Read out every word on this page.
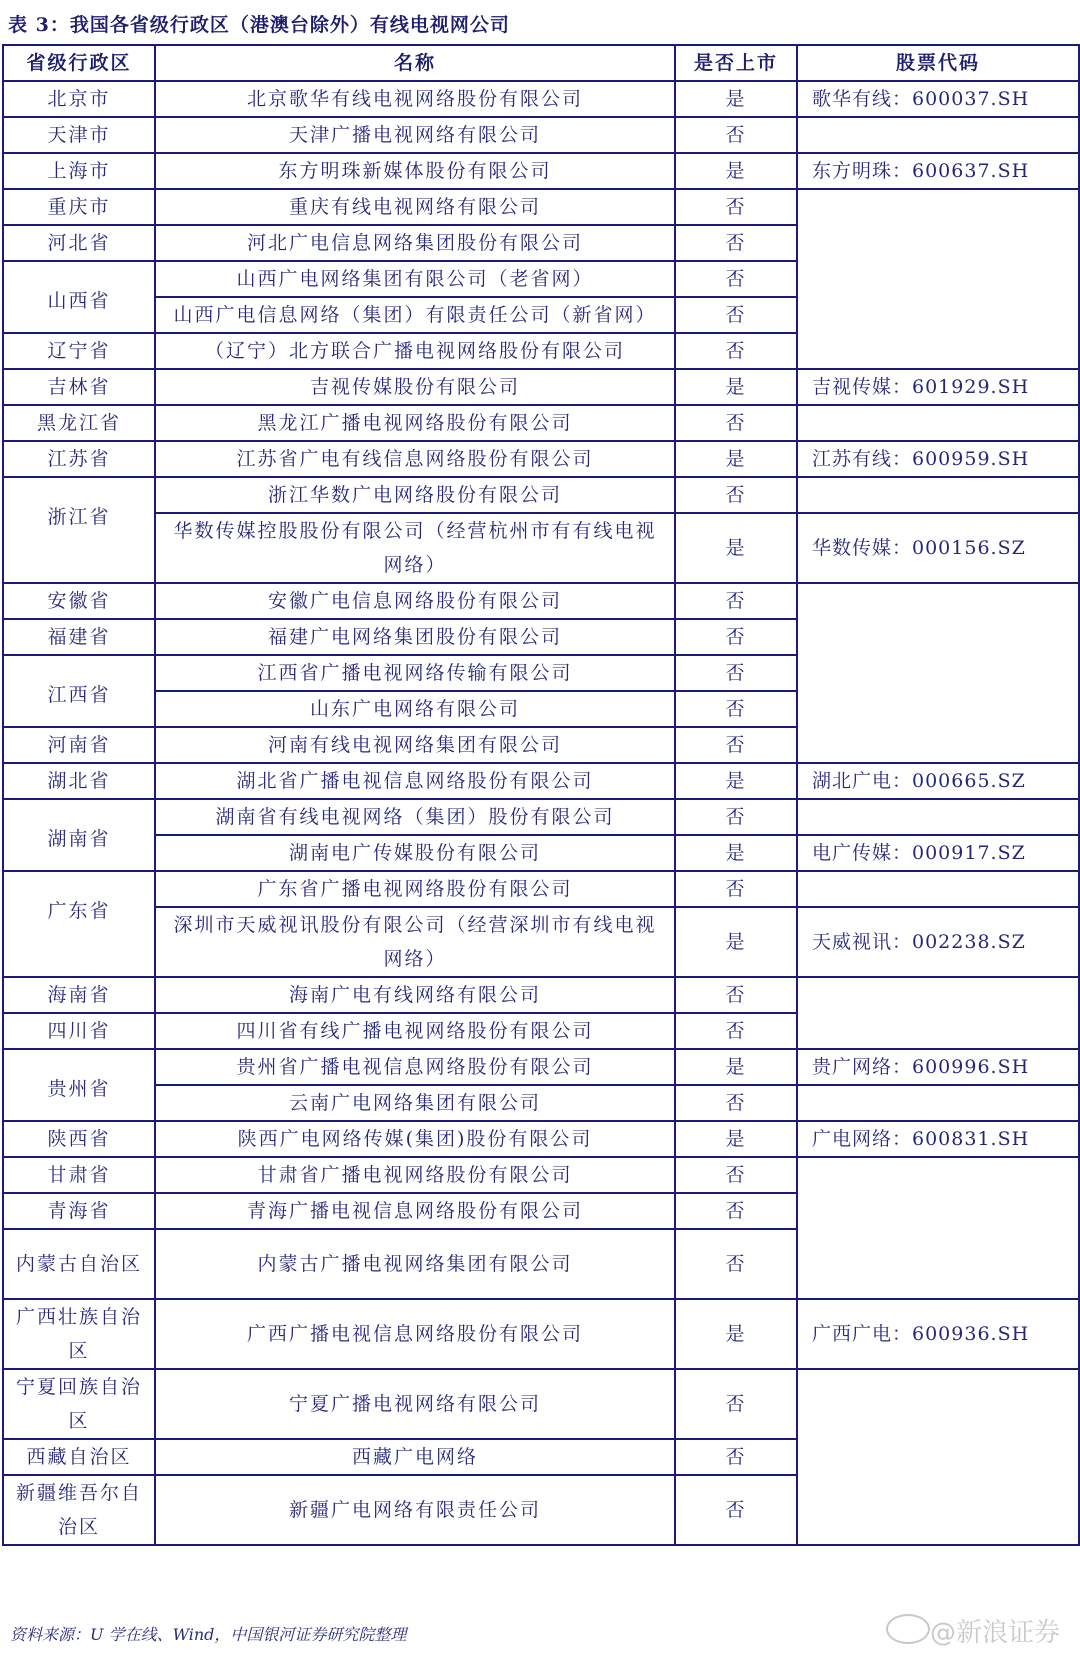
表 3：我国各省级行政区（港澳台除外）有线电视网公司
省级行政区	名称	是否上市	股票代码
北京市	北京歌华有线电视网络股份有限公司	是	歌华有线：600037.SH
天津市	天津广播电视网络有限公司	否	
上海市	东方明珠新媒体股份有限公司	是	东方明珠：600637.SH
重庆市	重庆有线电视网络有限公司	否	
河北省	河北广电信息网络集团股份有限公司	否	
山西省	山西广电网络集团有限公司（老省网）	否	
	山西广电信息网络（集团）有限责任公司（新省网）	否	
辽宁省	（辽宁）北方联合广播电视网络股份有限公司	否	
吉林省	吉视传媒股份有限公司	是	吉视传媒：601929.SH
黑龙江省	黑龙江广播电视网络股份有限公司	否	
江苏省	江苏省广电有线信息网络股份有限公司	是	江苏有线：600959.SH
浙江省	浙江华数广电网络股份有限公司	否	
	华数传媒控股股份有限公司（经营杭州市有有线电视网络）	是	华数传媒：000156.SZ
安徽省	安徽广电信息网络股份有限公司	否	
福建省	福建广电网络集团股份有限公司	否	
江西省	江西省广播电视网络传输有限公司	否	
	山东广电网络有限公司	否	
河南省	河南有线电视网络集团有限公司	否	
湖北省	湖北省广播电视信息网络股份有限公司	是	湖北广电：000665.SZ
湖南省	湖南省有线电视网络（集团）股份有限公司	否	
	湖南电广传媒股份有限公司	是	电广传媒：000917.SZ
广东省	广东省广播电视网络股份有限公司	否	
	深圳市天威视讯股份有限公司（经营深圳市有线电视网络）	是	天威视讯：002238.SZ
海南省	海南广电有线网络有限公司	否	
四川省	四川省有线广播电视网络股份有限公司	否	
贵州省	贵州省广播电视信息网络股份有限公司	是	贵广网络：600996.SH
	云南广电网络集团有限公司	否	
陕西省	陕西广电网络传媒(集团)股份有限公司	是	广电网络：600831.SH
甘肃省	甘肃省广播电视网络股份有限公司	否	
青海省	青海广播电视信息网络股份有限公司	否	
内蒙古自治区	内蒙古广播电视网络集团有限公司	否	
广西壮族自治区	广西广播电视信息网络股份有限公司	是	广西广电：600936.SH
宁夏回族自治区	宁夏广播电视网络有限公司	否	
西藏自治区	西藏广电网络	否	
新疆维吾尔自治区	新疆广电网络有限责任公司	否	
资料来源：U 学在线、Wind，中国银河证券研究院整理	@新浪证券
